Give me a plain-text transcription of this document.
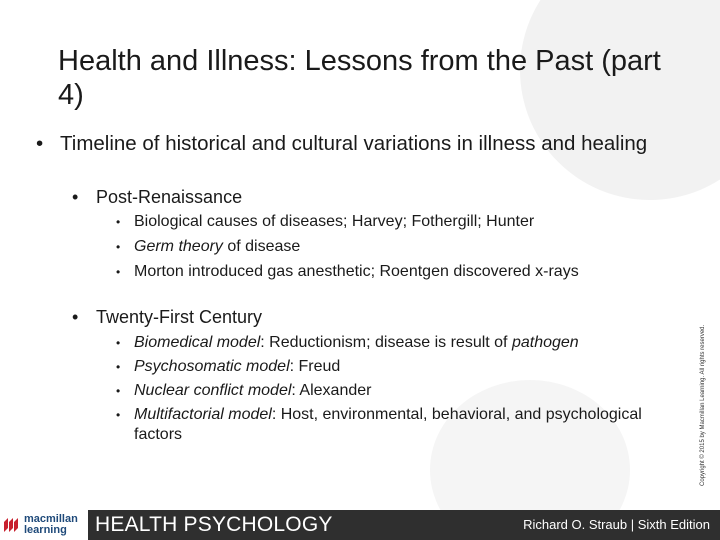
Health and Illness: Lessons from the Past (part 4)
• Timeline of historical and cultural variations in illness and healing
• Post-Renaissance
• Biological causes of diseases; Harvey; Fothergill; Hunter
• Germ theory of disease
• Morton introduced gas anesthetic; Roentgen discovered x-rays
• Twenty-First Century
• Biomedical model: Reductionism; disease is result of pathogen
• Psychosomatic model: Freud
• Nuclear conflict model: Alexander
• Multifactorial model: Host, environmental, behavioral, and psychological factors	Copyright © 2015 by Macmillan Learning. All rights reserved.
macmillan
learning	HEALTH PSYCHOLOGY	Richard O. Straub | Sixth Edition
